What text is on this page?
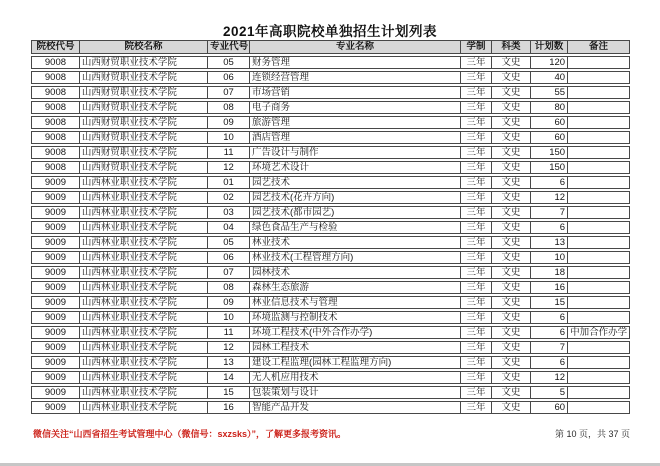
2021年高职院校单独招生计划列表
院校代号	院校名称	专业代号	专业名称	学制	科类	计划数	备注
9008	山西财贸职业技术学院	05	财务管理	三年	文史	120	
9008	山西财贸职业技术学院	06	连锁经营管理	三年	文史	40	
9008	山西财贸职业技术学院	07	市场营销	三年	文史	55	
9008	山西财贸职业技术学院	08	电子商务	三年	文史	80	
9008	山西财贸职业技术学院	09	旅游管理	三年	文史	60	
9008	山西财贸职业技术学院	10	酒店管理	三年	文史	60	
9008	山西财贸职业技术学院	11	广告设计与制作	三年	文史	150	
9008	山西财贸职业技术学院	12	环境艺术设计	三年	文史	150	
9009	山西林业职业技术学院	01	园艺技术	三年	文史	6	
9009	山西林业职业技术学院	02	园艺技术(花卉方向)	三年	文史	12	
9009	山西林业职业技术学院	03	园艺技术(都市园艺)	三年	文史	7	
9009	山西林业职业技术学院	04	绿色食品生产与检验	三年	文史	6	
9009	山西林业职业技术学院	05	林业技术	三年	文史	13	
9009	山西林业职业技术学院	06	林业技术(工程管理方向)	三年	文史	10	
9009	山西林业职业技术学院	07	园林技术	三年	文史	18	
9009	山西林业职业技术学院	08	森林生态旅游	三年	文史	16	
9009	山西林业职业技术学院	09	林业信息技术与管理	三年	文史	15	
9009	山西林业职业技术学院	10	环境监测与控制技术	三年	文史	6	
9009	山西林业职业技术学院	11	环境工程技术(中外合作办学)	三年	文史	6	中加合作办学
9009	山西林业职业技术学院	12	园林工程技术	三年	文史	7	
9009	山西林业职业技术学院	13	建设工程监理(园林工程监理方向)	三年	文史	6	
9009	山西林业职业技术学院	14	无人机应用技术	三年	文史	12	
9009	山西林业职业技术学院	15	包装策划与设计	三年	文史	5	
9009	山西林业职业技术学院	16	智能产品开发	三年	文史	60	
微信关注“山西省招生考试管理中心（微信号：sxzsks）”，了解更多报考资讯。	第 10 页，共 37 页
